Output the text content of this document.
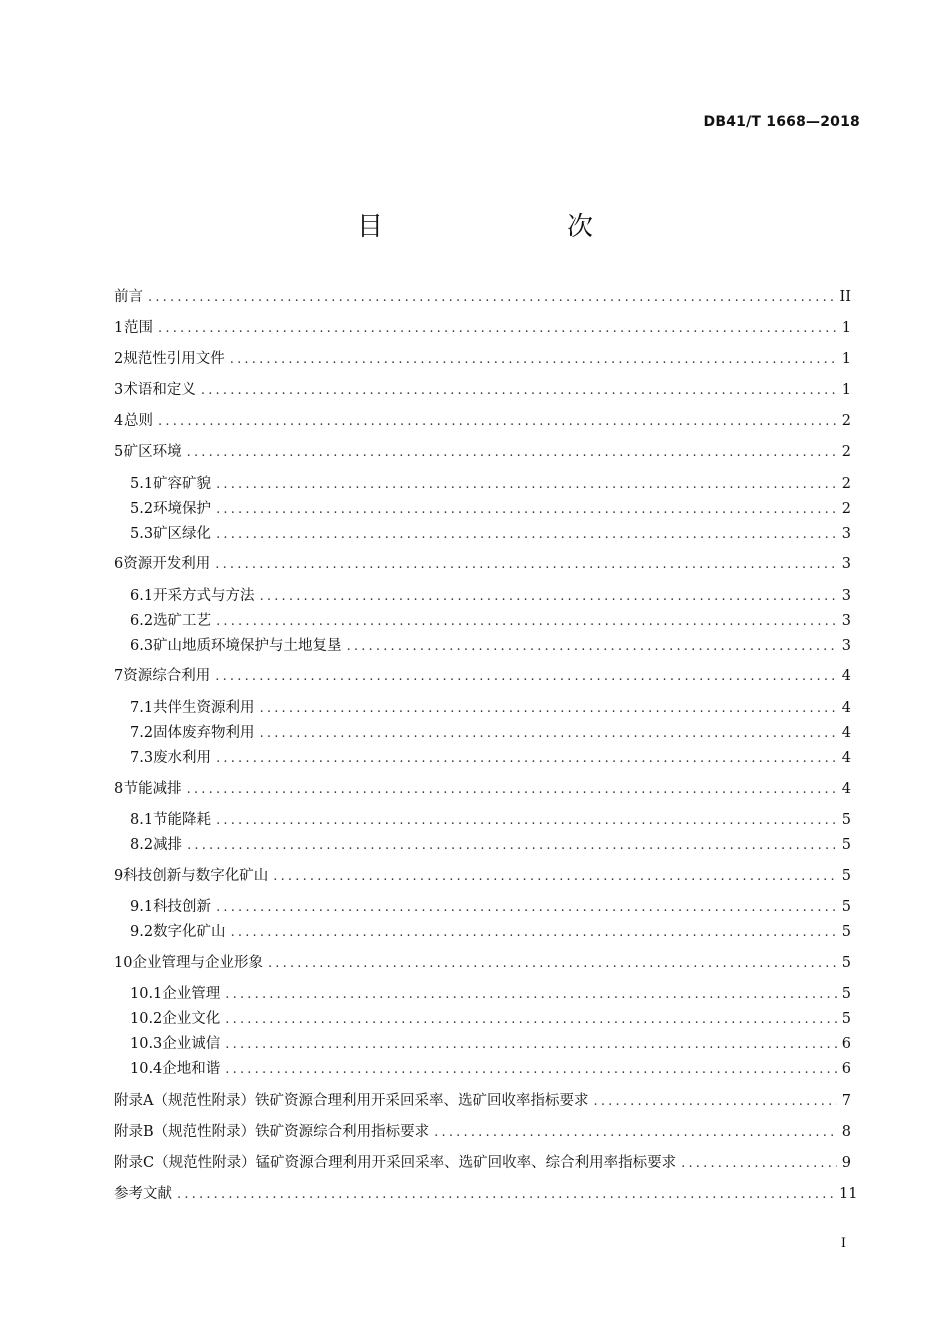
DB41/T 1668—2018
目　　次
前言 .....	II
1 范围 .....	1
2 规范性引用文件 .....	1
3 术语和定义 .....	1
4 总则 .....	2
5 矿区环境 .....	2
5.1 矿容矿貌 .....	2
5.2 环境保护 .....	2
5.3 矿区绿化 .....	3
6 资源开发利用 .....	3
6.1 开采方式与方法 .....	3
6.2 选矿工艺 .....	3
6.3 矿山地质环境保护与土地复垦 .....	3
7 资源综合利用 .....	4
7.1 共伴生资源利用 .....	4
7.2 固体废弃物利用 .....	4
7.3 废水利用 .....	4
8 节能减排 .....	4
8.1 节能降耗 .....	5
8.2 减排 .....	5
9 科技创新与数字化矿山 .....	5
9.1 科技创新 .....	5
9.2 数字化矿山 .....	5
10 企业管理与企业形象 .....	5
10.1 企业管理 .....	5
10.2 企业文化 .....	5
10.3 企业诚信 .....	6
10.4 企地和谐 .....	6
附录A （规范性附录） 铁矿资源合理利用开采回采率、选矿回收率指标要求 .....	7
附录B （规范性附录） 铁矿资源综合利用指标要求 .....	8
附录C （规范性附录） 锰矿资源合理利用开采回采率、选矿回收率、综合利用率指标要求 .....	9
参考文献 .....	11
I
